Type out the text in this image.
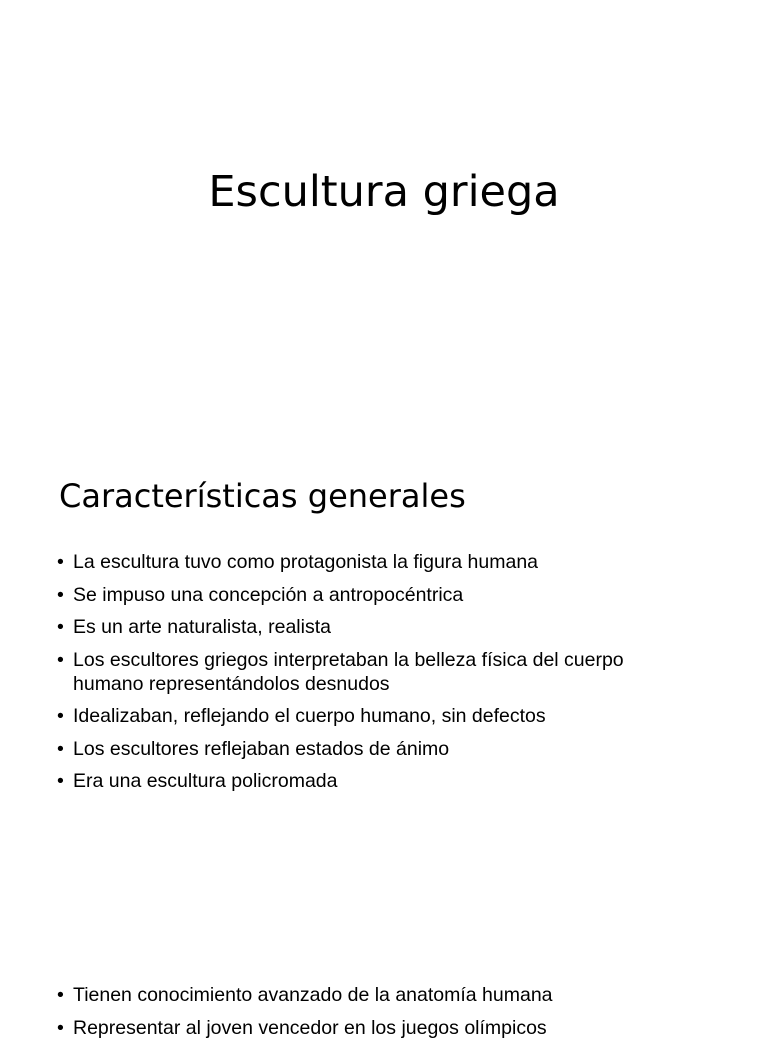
Escultura griega
Características generales
• La escultura tuvo como protagonista la figura humana
• Se impuso una concepción a antropocéntrica
• Es un arte naturalista, realista
• Los escultores griegos interpretaban la belleza física del cuerpo humano representándolos desnudos
• Idealizaban, reflejando el cuerpo humano, sin defectos
• Los escultores reflejaban estados de ánimo
• Era una escultura policromada
• Tienen conocimiento avanzado de la anatomía humana
• Representar al joven vencedor en los juegos olímpicos
